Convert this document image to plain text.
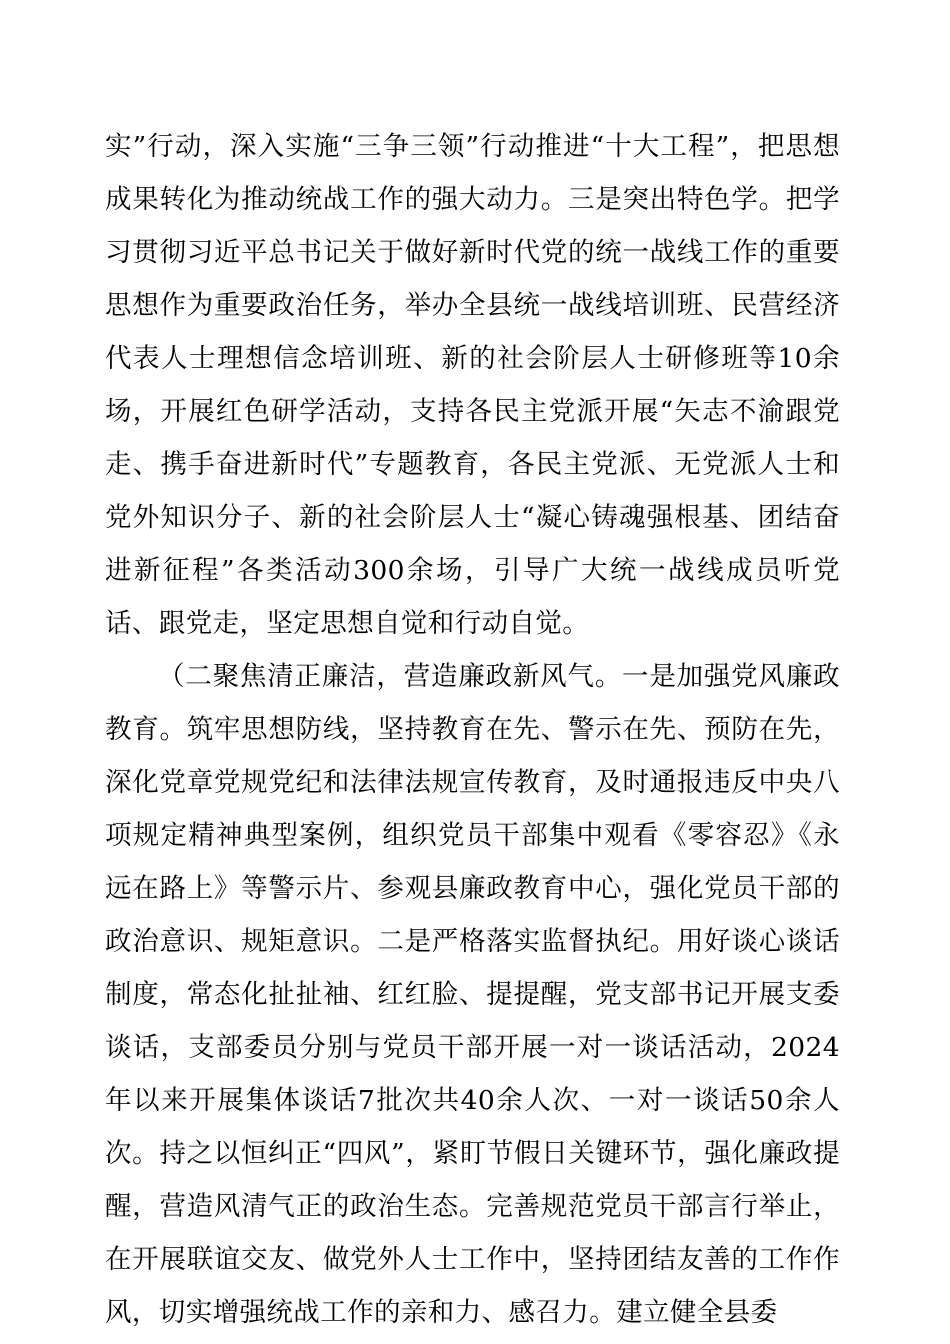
实”行动，深入实施“三争三领”行动推进“十大工程”，把思想成果转化为推动统战工作的强大动力。三是突出特色学。把学习贯彻习近平总书记关于做好新时代党的统一战线工作的重要思想作为重要政治任务，举办全县统一战线培训班、民营经济代表人士理想信念培训班、新的社会阶层人士研修班等10余场，开展红色研学活动，支持各民主党派开展“矢志不渝跟党走、携手奋进新时代”专题教育，各民主党派、无党派人士和党外知识分子、新的社会阶层人士“凝心铸魂强根基、团结奋进新征程”各类活动300余场，引导广大统一战线成员听党话、跟党走，坚定思想自觉和行动自觉。

（二聚焦清正廉洁，营造廉政新风气。一是加强党风廉政教育。筑牢思想防线，坚持教育在先、警示在先、预防在先，深化党章党规党纪和法律法规宣传教育，及时通报违反中央八项规定精神典型案例，组织党员干部集中观看《零容忍》《永远在路上》等警示片、参观县廉政教育中心，强化党员干部的政治意识、规矩意识。二是严格落实监督执纪。用好谈心谈话制度，常态化扯扯袖、红红脸、提提醒，党支部书记开展支委谈话，支部委员分别与党员干部开展一对一谈话活动，2024年以来开展集体谈话7批次共40余人次、一对一谈话50余人次。持之以恒纠正“四风”，紧盯节假日关键环节，强化廉政提醒，营造风清气正的政治生态。完善规范党员干部言行举止，在开展联谊交友、做党外人士工作中，坚持团结友善的工作作风，切实增强统战工作的亲和力、感召力。建立健全县委
